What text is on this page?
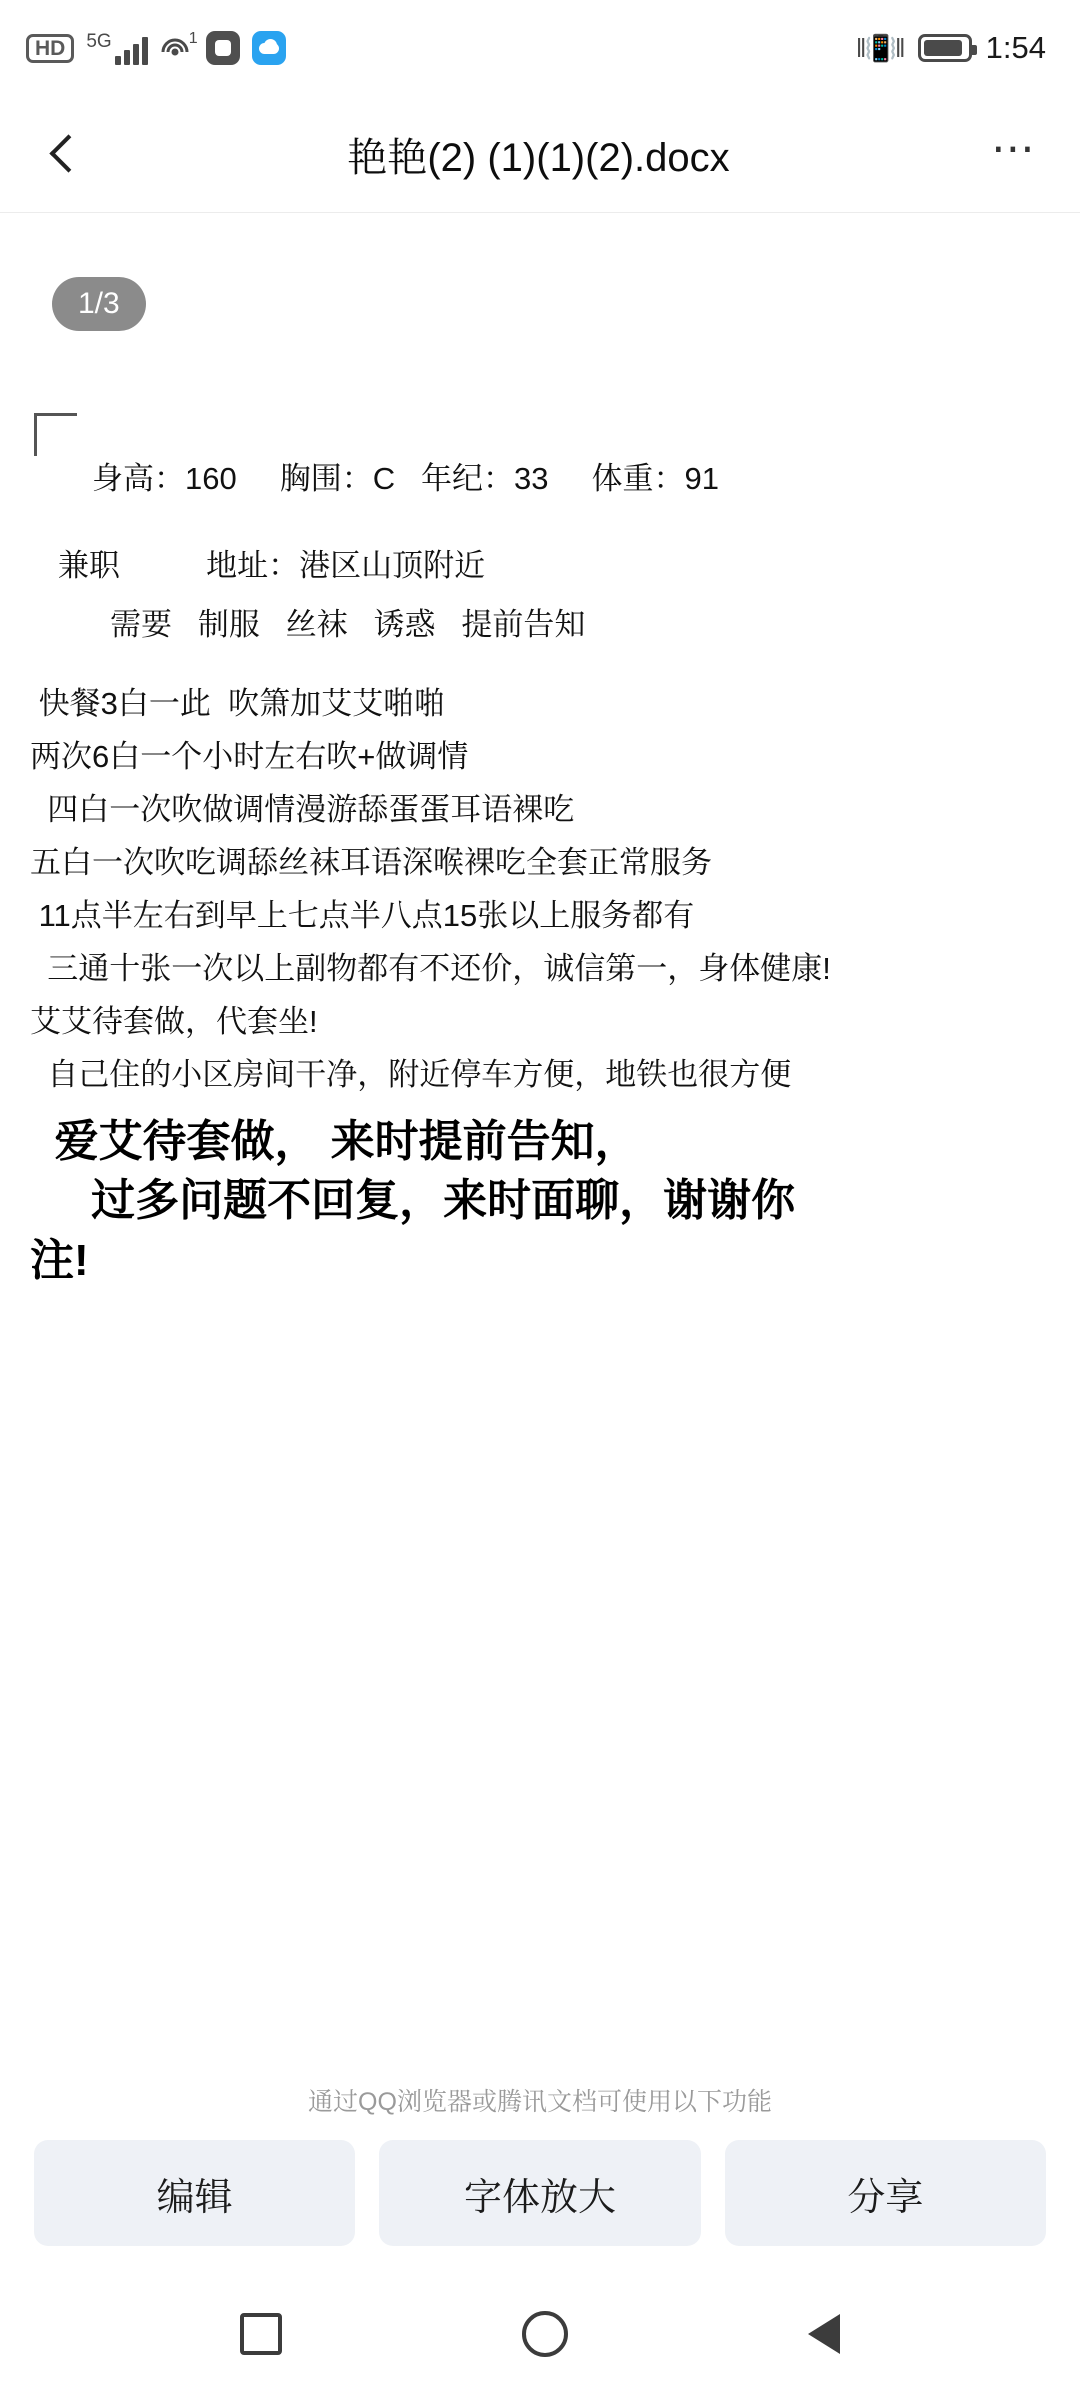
HD	5G	1	‖📳‖	1:54
艳艳(2) (1)(1)(2).docx	⋯
1/3
身高：160     胸围：C   年纪：33     体重：91
兼职          地址：港区山顶附近
需要   制服   丝袜   诱惑   提前告知
快餐3白一此  吹箫加艾艾啪啪
两次6白一个小时左右吹+做调情
四白一次吹做调情漫游舔蛋蛋耳语裸吃
五白一次吹吃调舔丝袜耳语深喉裸吃全套正常服务
11点半左右到早上七点半八点15张以上服务都有
三通十张一次以上副物都有不还价，诚信第一，身体健康!
艾艾待套做，代套坐!
自己住的小区房间干净，附近停车方便，地铁也很方便
爱艾待套做， 来时提前告知，
过多问题不回复，来时面聊，谢谢你
注!
通过QQ浏览器或腾讯文档可使用以下功能
编辑	字体放大	分享
